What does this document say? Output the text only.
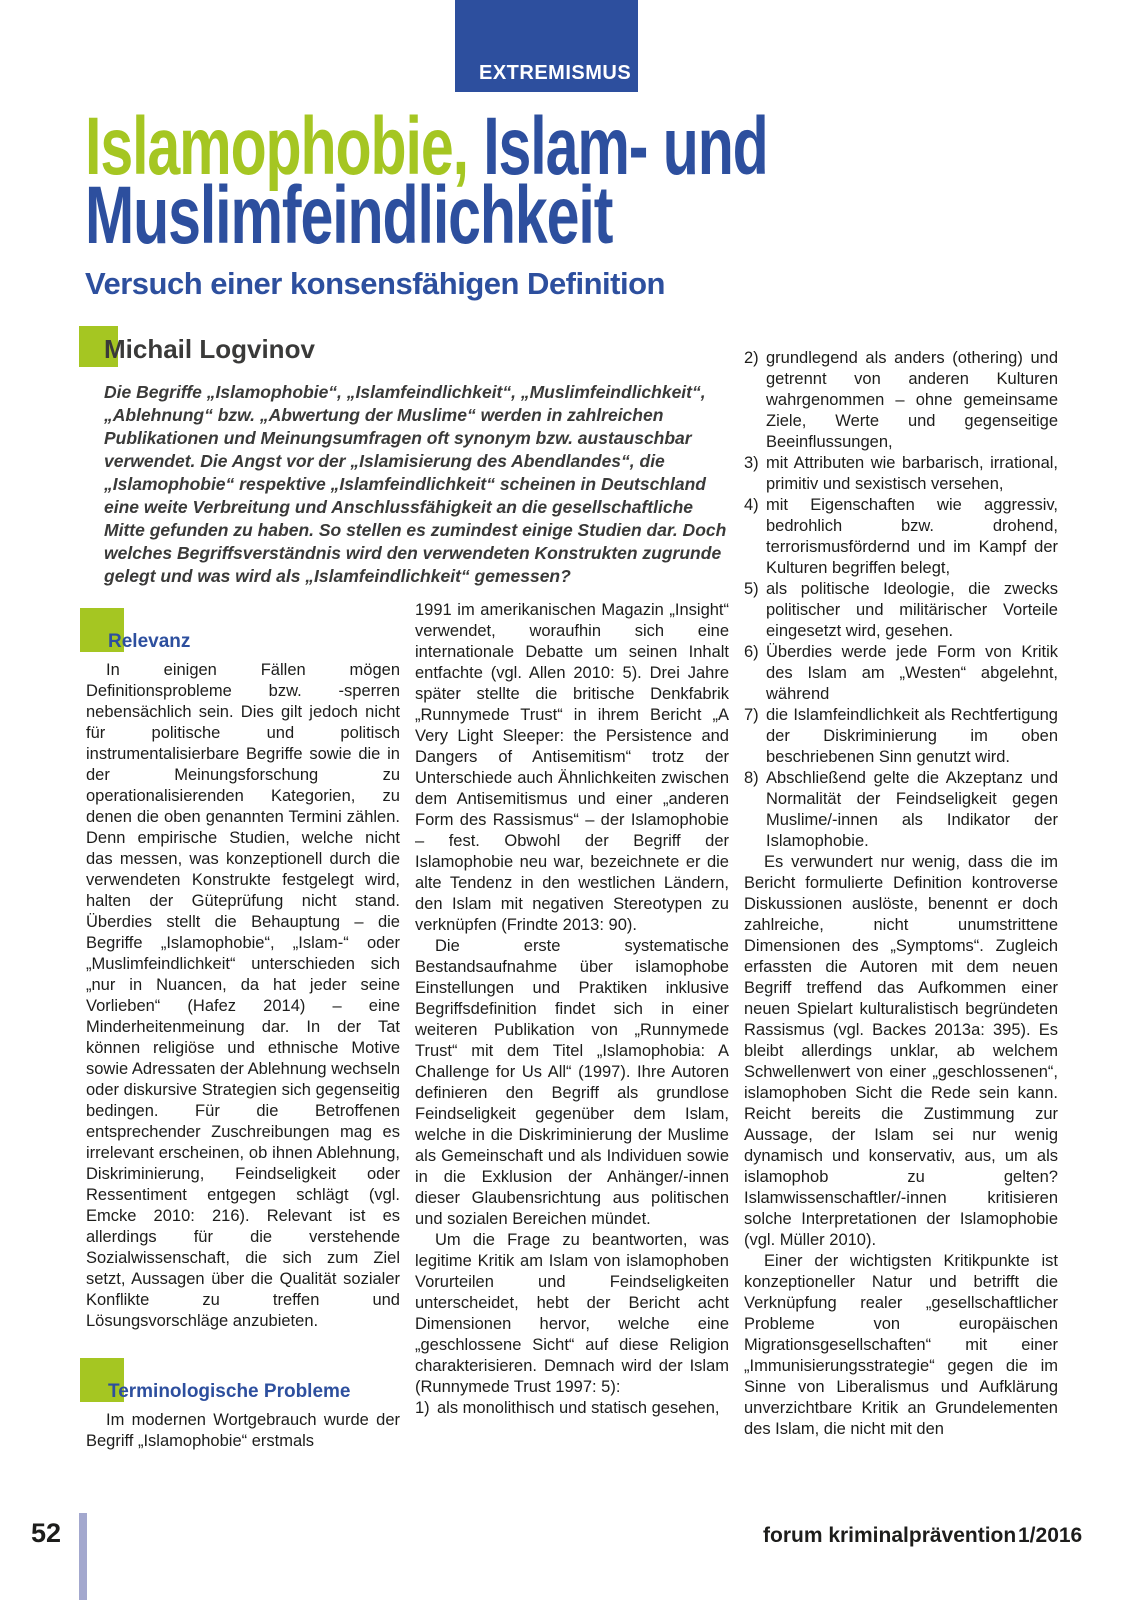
EXTREMISMUS
Islamophobie, Islam- und
Muslimfeindlichkeit
Versuch einer konsensfähigen Definition
Michail Logvinov
Die Begriffe „Islamophobie“, „Islamfeindlichkeit“, „Muslimfeindlichkeit“, „Ablehnung“ bzw. „Abwertung der Muslime“ werden in zahlreichen Publikationen und Meinungsumfragen oft synonym bzw. austauschbar verwendet. Die Angst vor der „Islamisierung des Abendlandes“, die „Islamophobie“ respektive „Islamfeindlichkeit“ scheinen in Deutschland eine weite Verbreitung und Anschlussfähigkeit an die gesellschaftliche Mitte gefunden zu haben. So stellen es zumindest einige Studien dar. Doch welches Begriffsverständnis wird den verwendeten Konstrukten zugrunde gelegt und was wird als „Islamfeindlichkeit“ gemessen?
Relevanz

In einigen Fällen mögen Definitionsprobleme bzw. -sperren nebensächlich sein. Dies gilt jedoch nicht für politische und politisch instrumentalisierbare Begriffe sowie die in der Meinungsforschung zu operationalisierenden Kategorien, zu denen die oben genannten Termini zählen. Denn empirische Studien, welche nicht das messen, was konzeptionell durch die verwendeten Konstrukte festgelegt wird, halten der Güteprüfung nicht stand. Überdies stellt die Behauptung – die Begriffe „Islamophobie“, „Islam-“ oder „Muslimfeindlichkeit“ unterschieden sich „nur in Nuancen, da hat jeder seine Vorlieben“ (Hafez 2014) – eine Minderheitenmeinung dar. In der Tat können religiöse und ethnische Motive sowie Adressaten der Ablehnung wechseln oder diskursive Strategien sich gegenseitig bedingen. Für die Betroffenen entsprechender Zuschreibungen mag es irrelevant erscheinen, ob ihnen Ablehnung, Diskriminierung, Feindseligkeit oder Ressentiment entgegen schlägt (vgl. Emcke 2010: 216). Relevant ist es allerdings für die verstehende Sozialwissenschaft, die sich zum Ziel setzt, Aussagen über die Qualität sozialer Konflikte zu treffen und Lösungsvorschläge anzubieten.

Terminologische Probleme

Im modernen Wortgebrauch wurde der Begriff „Islamophobie“ erstmals

1991 im amerikanischen Magazin „Insight“ verwendet, woraufhin sich eine internationale Debatte um seinen Inhalt entfachte (vgl. Allen 2010: 5). Drei Jahre später stellte die britische Denkfabrik „Runnymede Trust“ in ihrem Bericht „A Very Light Sleeper: the Persistence and Dangers of Antisemitism“ trotz der Unterschiede auch Ähnlichkeiten zwischen dem Antisemitismus und einer „anderen Form des Rassismus“ – der Islamophobie – fest. Obwohl der Begriff der Islamophobie neu war, bezeichnete er die alte Tendenz in den westlichen Ländern, den Islam mit negativen Stereotypen zu verknüpfen (Frindte 2013: 90).

Die erste systematische Bestandsaufnahme über islamophobe Einstellungen und Praktiken inklusive Begriffsdefinition findet sich in einer weiteren Publikation von „Runnymede Trust“ mit dem Titel „Islamophobia: A Challenge for Us All“ (1997). Ihre Autoren definieren den Begriff als grundlose Feindseligkeit gegenüber dem Islam, welche in die Diskriminierung der Muslime als Gemeinschaft und als Individuen sowie in die Exklusion der Anhänger/-innen dieser Glaubensrichtung aus politischen und sozialen Bereichen mündet.

Um die Frage zu beantworten, was legitime Kritik am Islam von islamophoben Vorurteilen und Feindseligkeiten unterscheidet, hebt der Bericht acht Dimensionen hervor, welche eine „geschlossene Sicht“ auf diese Religion charakterisieren. Demnach wird der Islam (Runnymede Trust 1997: 5):

1) als monolithisch und statisch gesehen,
2) grundlegend als anders (othering) und getrennt von anderen Kulturen wahrgenommen – ohne gemeinsame Ziele, Werte und gegenseitige Beeinflussungen,
3) mit Attributen wie barbarisch, irrational, primitiv und sexistisch versehen,
4) mit Eigenschaften wie aggressiv, bedrohlich bzw. drohend, terrorismusfördernd und im Kampf der Kulturen begriffen belegt,
5) als politische Ideologie, die zwecks politischer und militärischer Vorteile eingesetzt wird, gesehen.
6) Überdies werde jede Form von Kritik des Islam am „Westen“ abgelehnt, während
7) die Islamfeindlichkeit als Rechtfertigung der Diskriminierung im oben beschriebenen Sinn genutzt wird.
8) Abschließend gelte die Akzeptanz und Normalität der Feindseligkeit gegen Muslime/-innen als Indikator der Islamophobie.

Es verwundert nur wenig, dass die im Bericht formulierte Definition kontroverse Diskussionen auslöste, benennt er doch zahlreiche, nicht unumstrittene Dimensionen des „Symptoms“. Zugleich erfassten die Autoren mit dem neuen Begriff treffend das Aufkommen einer neuen Spielart kulturalistisch begründeten Rassismus (vgl. Backes 2013a: 395). Es bleibt allerdings unklar, ab welchem Schwellenwert von einer „geschlossenen“, islamophoben Sicht die Rede sein kann. Reicht bereits die Zustimmung zur Aussage, der Islam sei nur wenig dynamisch und konservativ, aus, um als islamophob zu gelten? Islamwissenschaftler/-innen kritisieren solche Interpretationen der Islamophobie (vgl. Müller 2010).

Einer der wichtigsten Kritikpunkte ist konzeptioneller Natur und betrifft die Verknüpfung realer „gesellschaftlicher Probleme von europäischen Migrationsgesellschaften“ mit einer „Immunisierungsstrategie“ gegen die im Sinne von Liberalismus und Aufklärung unverzichtbare Kritik an Grundelementen des Islam, die nicht mit den

52	forum kriminalprävention 1/2016
